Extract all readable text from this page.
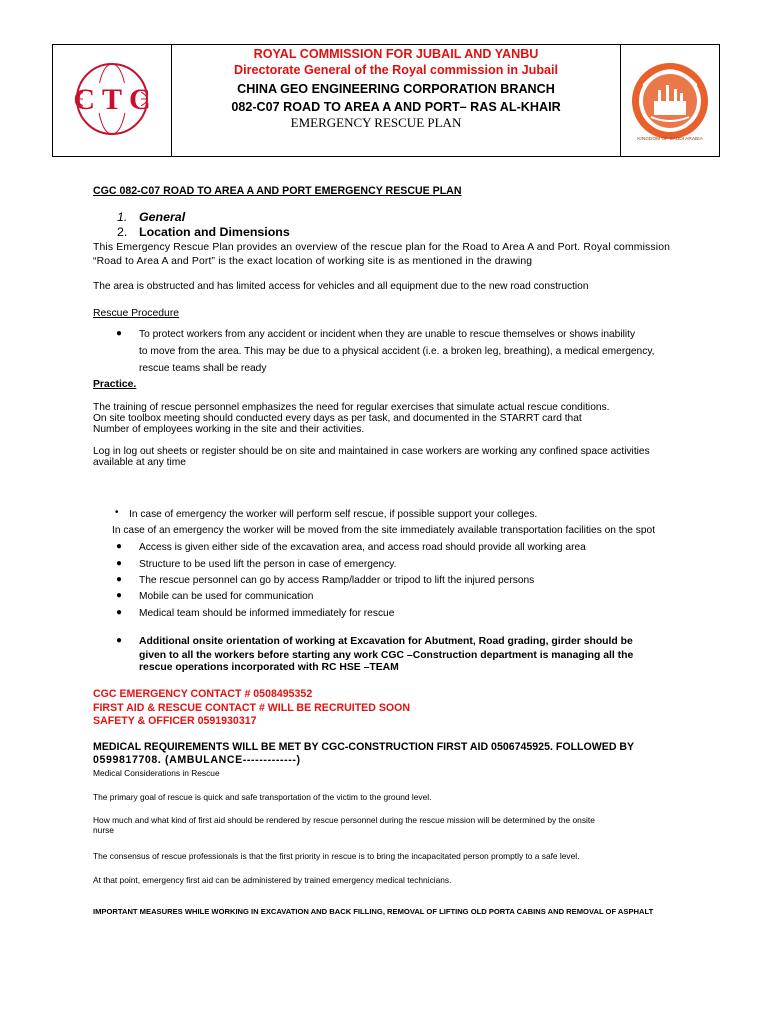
C T C
ROYAL COMMISSION FOR JUBAIL AND YANBU
Directorate General of the Royal commission in Jubail
CHINA GEO ENGINEERING CORPORATION BRANCH
082-C07 ROAD TO AREA A AND PORT– RAS AL-KHAIR
EMERGENCY RESCUE PLAN
KINGDOM OF SAUDI ARABIA
CGC 082-C07 ROAD TO AREA A AND PORT EMERGENCY RESCUE PLAN
1. General
2. Location and Dimensions
This Emergency Rescue Plan provides an overview of the rescue plan for the Road to Area A and Port. Royal commission
“Road to Area A and Port” is the exact location of working site is as mentioned in the drawing
The area is obstructed and has limited access for vehicles and all equipment due to the new road construction
Rescue Procedure
● To protect workers from any accident or incident when they are unable to rescue themselves or shows inability
to move from the area. This may be due to a physical accident (i.e. a broken leg, breathing), a medical emergency,
rescue teams shall be ready
Practice.
The training of rescue personnel emphasizes the need for regular exercises that simulate actual rescue conditions.
On site toolbox meeting should conducted every days as per task, and documented in the STARRT card that
Number of employees working in the site and their activities.
Log in log out sheets or register should be on site and maintained in case workers are working any confined space activities
available at any time
• In case of emergency the worker will perform self rescue, if possible support your colleges.
In case of an emergency the worker will be moved from the site immediately available transportation facilities on the spot
● Access is given either side of the excavation area, and access road should provide all working area
● Structure to be used lift the person in case of emergency.
● The rescue personnel can go by access Ramp/ladder or tripod to lift the injured persons
● Mobile can be used for communication
● Medical team should be informed immediately for rescue
● Additional onsite orientation of working at Excavation for Abutment, Road grading, girder should be
given to all the workers before starting any work CGC –Construction department is managing all the
rescue operations incorporated with RC HSE –TEAM
CGC EMERGENCY CONTACT # 0508495352
FIRST AID & RESCUE CONTACT # WILL BE RECRUITED SOON
SAFETY & OFFICER 0591930317
MEDICAL REQUIREMENTS WILL BE MET BY CGC-CONSTRUCTION FIRST AID 0506745925. FOLLOWED BY
0599817708. (AMBULANCE-------------)
Medical Considerations in Rescue
The primary goal of rescue is quick and safe transportation of the victim to the ground level.
How much and what kind of first aid should be rendered by rescue personnel during the rescue mission will be determined by the onsite
nurse
The consensus of rescue professionals is that the first priority in rescue is to bring the incapacitated person promptly to a safe level.
At that point, emergency first aid can be administered by trained emergency medical technicians.
IMPORTANT MEASURES WHILE WORKING IN EXCAVATION AND BACK FILLING, REMOVAL OF LIFTING OLD PORTA CABINS AND REMOVAL OF ASPHALT
